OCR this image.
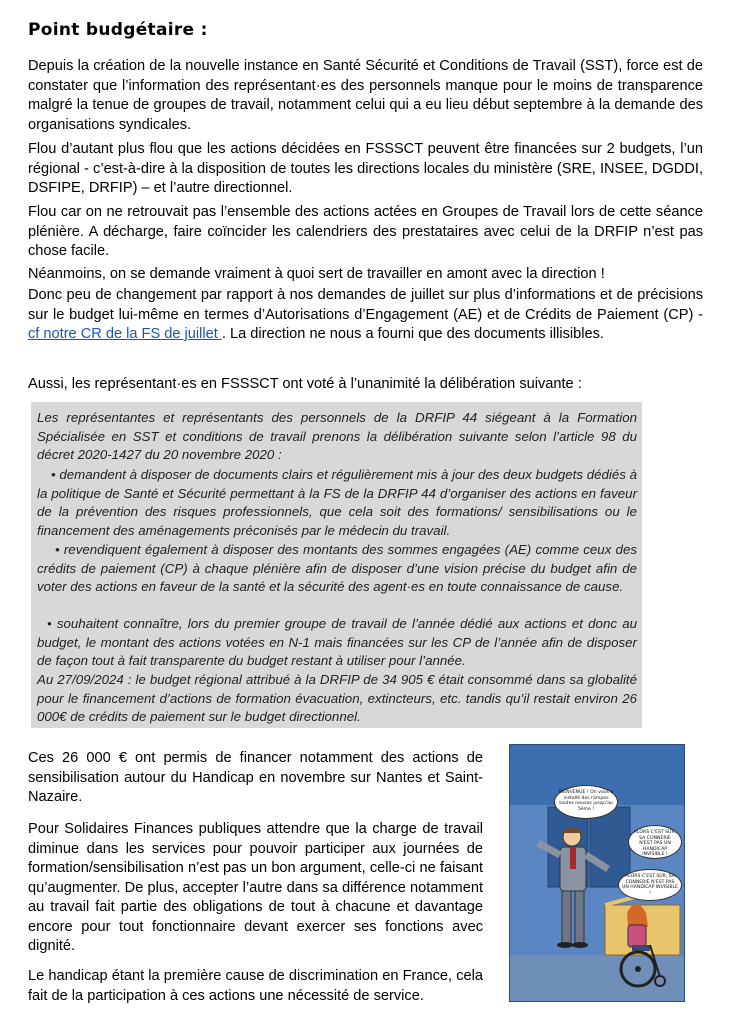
Point budgétaire :

Depuis la création de la nouvelle instance en Santé Sécurité et Conditions de Travail (SST), force est de constater que l’information des représentant·es des personnels manque pour le moins de transparence malgré la tenue de groupes de travail, notamment celui qui a eu lieu début septembre à la demande des organisations syndicales.

Flou d’autant plus flou que les actions décidées en FSSSCT peuvent être financées sur 2 budgets, l’un régional - c’est-à-dire à la disposition de toutes les directions locales du ministère (SRE, INSEE, DGDDI, DSFIPE, DRFIP) – et l’autre directionnel.

Flou car on ne retrouvait pas l’ensemble des actions actées en Groupes de Travail lors de cette séance plénière. A décharge, faire coïncider les calendriers des prestataires avec celui de la DRFIP n’est pas chose facile.

Néanmoins, on se demande vraiment à quoi sert de travailler en amont avec la direction !

Donc peu de changement par rapport à nos demandes de juillet sur plus d’informations et de précisions sur le budget lui-même en termes d’Autorisations d’Engagement (AE) et de Crédits de Paiement (CP) - cf notre CR de la FS de juillet . La direction ne nous a fourni que des documents illisibles.

Aussi, les représentant·es en FSSSCT ont voté à l’unanimité la délibération suivante :

Les représentantes et représentants des personnels de la DRFIP 44 siégeant à la Formation Spécialisée en SST et conditions de travail prenons la délibération suivante selon l’article 98 du décret 2020-1427 du 20 novembre 2020 :

• demandent à disposer de documents clairs et régulièrement mis à jour des deux budgets dédiés à la politique de Santé et Sécurité permettant à la FS de la DRFIP 44 d’organiser des actions en faveur de la prévention des risques professionnels, que cela soit des formations/ sensibilisations ou le financement des aménagements préconisés par le médecin du travail.

• revendiquent également à disposer des montants des sommes engagées (AE) comme ceux des crédits de paiement (CP) à chaque plénière afin de disposer d’une vision précise du budget afin de voter des actions en faveur de la santé et la sécurité des agent·es en toute connaissance de cause.

• souhaitent connaître, lors du premier groupe de travail de l’année dédié aux actions et donc au budget, le montant des actions votées en N-1 mais financées sur les CP de l’année afin de disposer de façon tout à fait transparente du budget restant à utiliser pour l’année.

Au 27/09/2024 : le budget régional attribué à la DRFIP de 34 905 € était consommé dans sa globalité pour le financement d’actions de formation évacuation, extincteurs, etc. tandis qu’il restait environ 26 000€ de crédits de paiement sur le budget directionnel.

Ces 26 000 € ont permis de financer notamment des actions de sensibilisation autour du Handicap en novembre sur Nantes et Saint-Nazaire.

Pour Solidaires Finances publiques attendre que la charge de travail diminue dans les services pour pouvoir participer aux journées de formation/sensibilisation n’est pas un bon argument, celle-ci ne faisant qu’augmenter. De plus, accepter l’autre dans sa différence notamment au travail fait partie des obligations de tout à chacune et davantage encore pour tout fonctionnaire devant exercer ses fonctions avec dignité.

Le handicap étant la première cause de discrimination en France, cela fait de la participation à ces actions une nécessité de service.

BIENVENUE ! On vous a installé des rampes toutes neuves jusqu'au 5ème !
ALORS C'EST SÛR, SA CONNERIE N'EST PAS UN HANDICAP INVISIBLE !
ALORS C'EST SÛR, SA CONNERIE N'EST PAS UN HANDICAP INVISIBLE !
